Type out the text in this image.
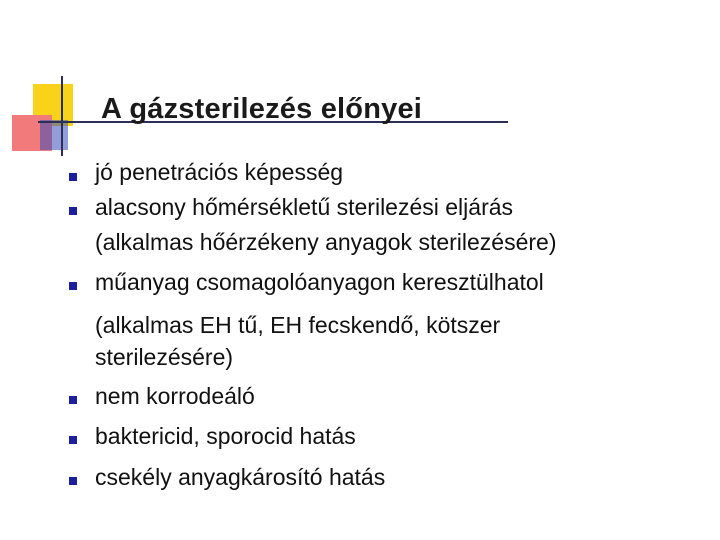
A gázsterilezés előnyei
jó penetrációs képesség
alacsony hőmérsékletű sterilezési eljárás
(alkalmas hőérzékeny anyagok sterilezésére)
műanyag csomagolóanyagon keresztülhatol
(alkalmas EH tű, EH fecskendő, kötszer
sterilezésére)
nem korrodeáló
baktericid, sporocid hatás
csekély anyagkárosító hatás
